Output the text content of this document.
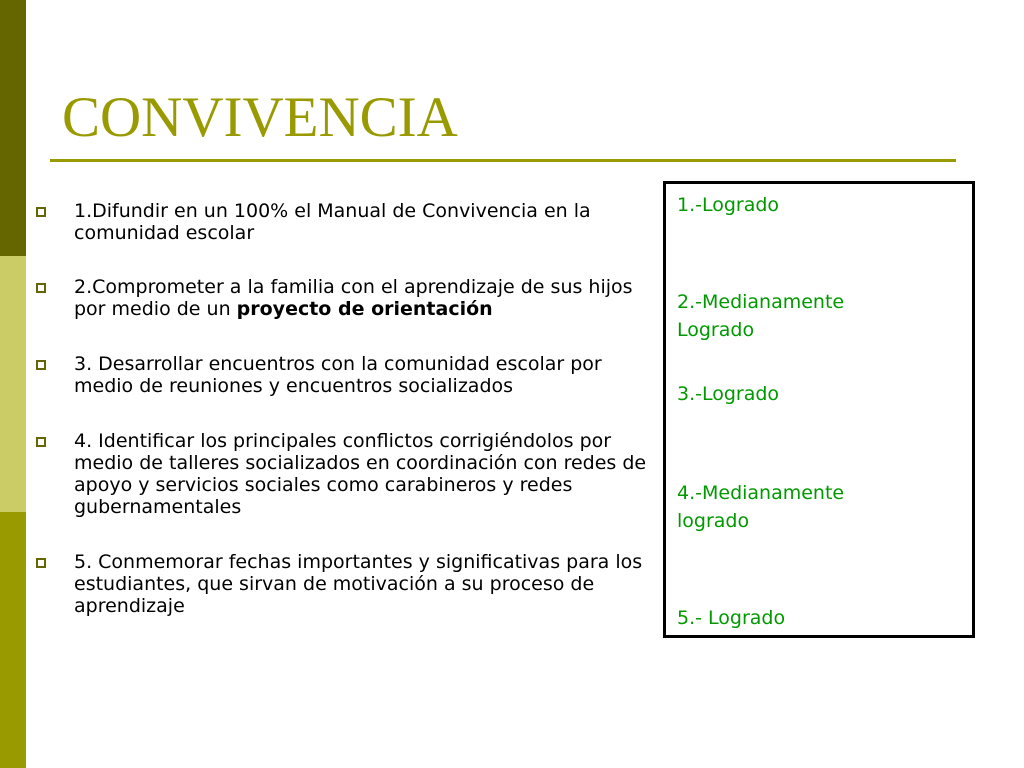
CONVIVENCIA
1.Difundir en un 100% el Manual de Convivencia en la comunidad escolar
2.Comprometer a la familia con el aprendizaje de sus hijos por medio de un proyecto de orientación
3. Desarrollar encuentros con la comunidad escolar por medio de reuniones y encuentros socializados
4. Identificar los principales conflictos corrigiéndolos por medio de talleres socializados en coordinación con redes de apoyo y servicios sociales como carabineros y redes gubernamentales
5. Conmemorar fechas importantes y significativas para los estudiantes, que sirvan de motivación a su proceso de aprendizaje

1.-Logrado

2.-Medianamente
Logrado

3.-Logrado

4.-Medianamente
logrado

5.- Logrado
